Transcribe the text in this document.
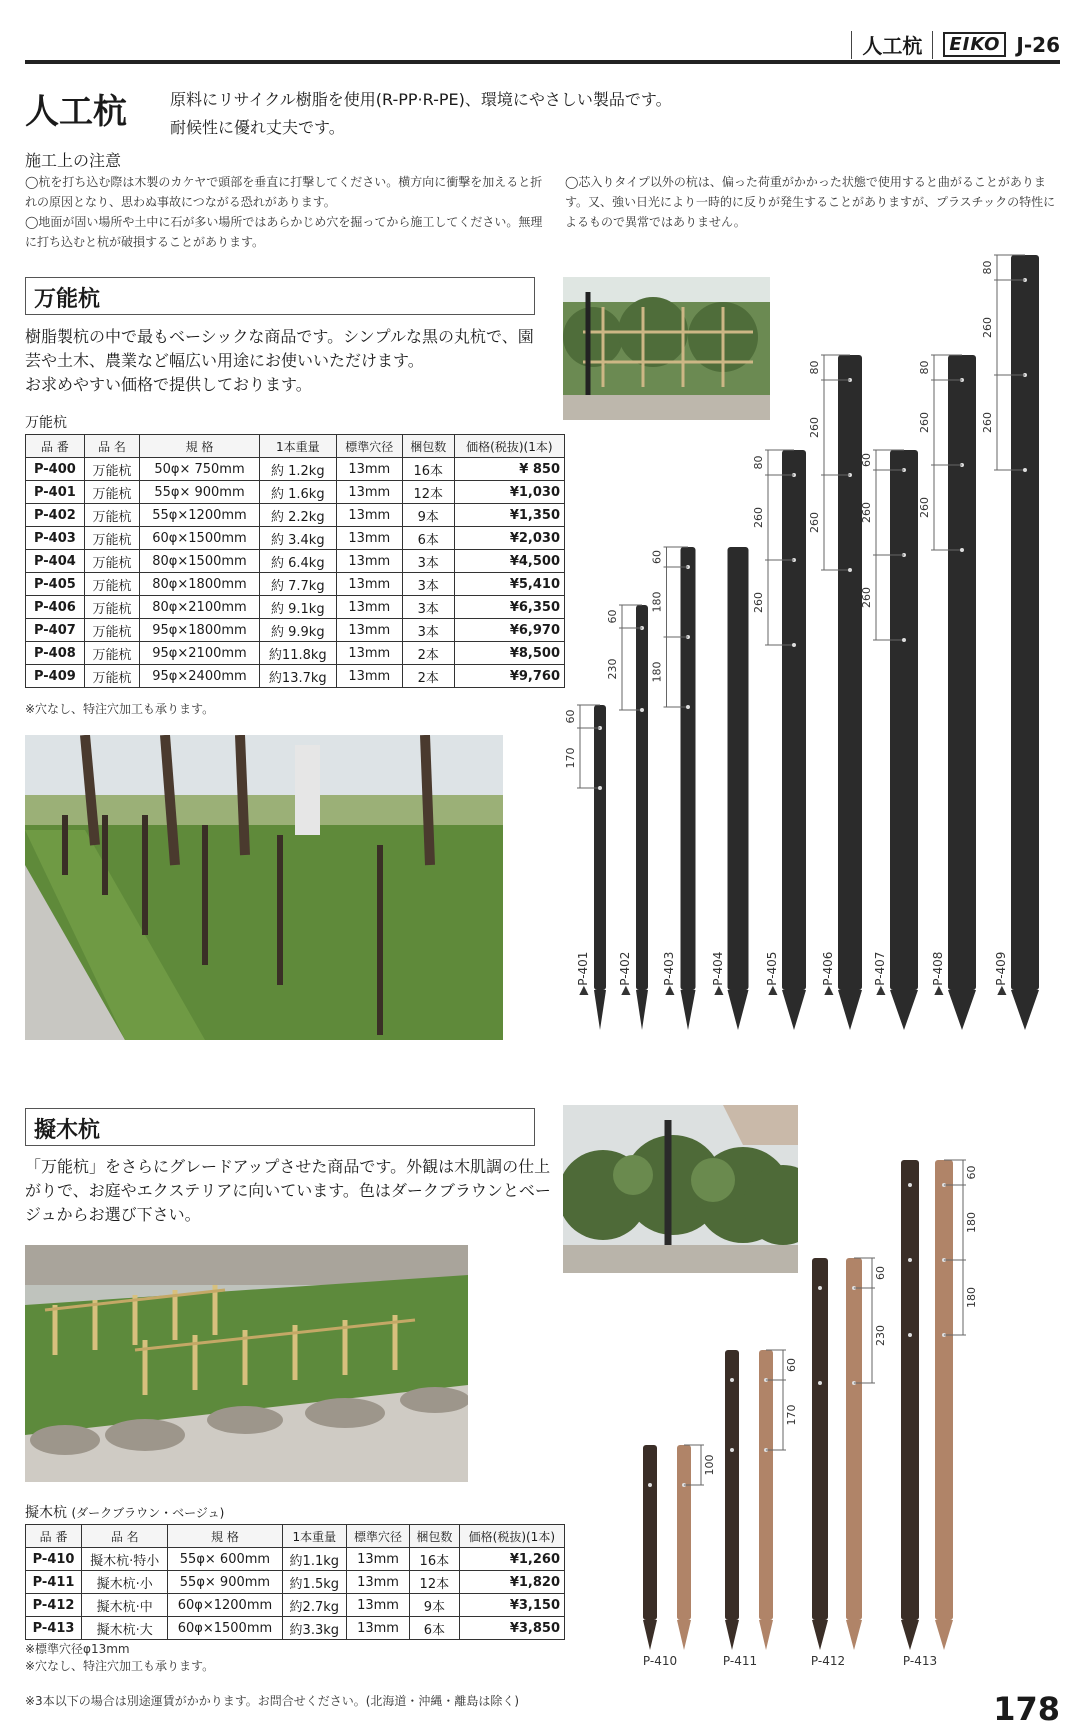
人工杭	EIKO J-26
人工杭	原料にリサイクル樹脂を使用(R-PP·R-PE)、環境にやさしい製品です。
耐候性に優れ丈夫です。
施工上の注意
◯杭を打ち込む際は木製のカケヤで頭部を垂直に打撃してください。横方向に衝撃を加えると折れの原因となり、思わぬ事故につながる恐れがあります。
◯地面が固い場所や土中に石が多い場所ではあらかじめ穴を掘ってから施工してください。無理に打ち込むと杭が破損することがあります。
◯芯入りタイプ以外の杭は、偏った荷重がかかった状態で使用すると曲がることがあります。又、強い日光により一時的に反りが発生することがありますが、プラスチックの特性によるもので異常ではありません。
万能杭
樹脂製杭の中で最もベーシックな商品です。シンプルな黒の丸杭で、園
芸や土木、農業など幅広い用途にお使いいただけます。
お求めやすい価格で提供しております。
万能杭
品 番	品 名	規 格	1本重量	標準穴径	梱包数	価格(税抜)(1本)
P-400	万能杭	50φ× 750mm	約 1.2kg	13mm	16本	¥ 850
P-401	万能杭	55φ× 900mm	約 1.6kg	13mm	12本	¥1,030
P-402	万能杭	55φ×1200mm	約 2.2kg	13mm	9本	¥1,350
P-403	万能杭	60φ×1500mm	約 3.4kg	13mm	6本	¥2,030
P-404	万能杭	80φ×1500mm	約 6.4kg	13mm	3本	¥4,500
P-405	万能杭	80φ×1800mm	約 7.7kg	13mm	3本	¥5,410
P-406	万能杭	80φ×2100mm	約 9.1kg	13mm	3本	¥6,350
P-407	万能杭	95φ×1800mm	約 9.9kg	13mm	3本	¥6,970
P-408	万能杭	95φ×2100mm	約11.8kg	13mm	2本	¥8,500
P-409	万能杭	95φ×2400mm	約13.7kg	13mm	2本	¥9,760
※穴なし、特注穴加工も承ります。
60
170
▶P-401
60
230
▶P-402
60
180
180
▶P-403	▶P-404
80
260
260
▶P-405
80
260
260
▶P-406
60
260
260
▶P-407
80
260
260
▶P-408
80
260
260
▶P-409
擬木杭
「万能杭」をさらにグレードアップさせた商品です。外観は木肌調の仕上
がりで、お庭やエクステリアに向いています。色はダークブラウンとベー
ジュからお選び下さい。
擬木杭 (ダークブラウン・ベージュ)
品 番	品 名	規 格	1本重量	標準穴径	梱包数	価格(税抜)(1本)
P-410	擬木杭·特小	55φ× 600mm	約1.1kg	13mm	16本	¥1,260
P-411	擬木杭·小	55φ× 900mm	約1.5kg	13mm	12本	¥1,820
P-412	擬木杭·中	60φ×1200mm	約2.7kg	13mm	9本	¥3,150
P-413	擬木杭·大	60φ×1500mm	約3.3kg	13mm	6本	¥3,850
※標準穴径φ13mm
※穴なし、特注穴加工も承ります。
100
P-410
60
170
P-411
60
230
P-412
60
180
180
P-413
※3本以下の場合は別途運賃がかかります。お問合せください。(北海道・沖縄・離島は除く)	178
